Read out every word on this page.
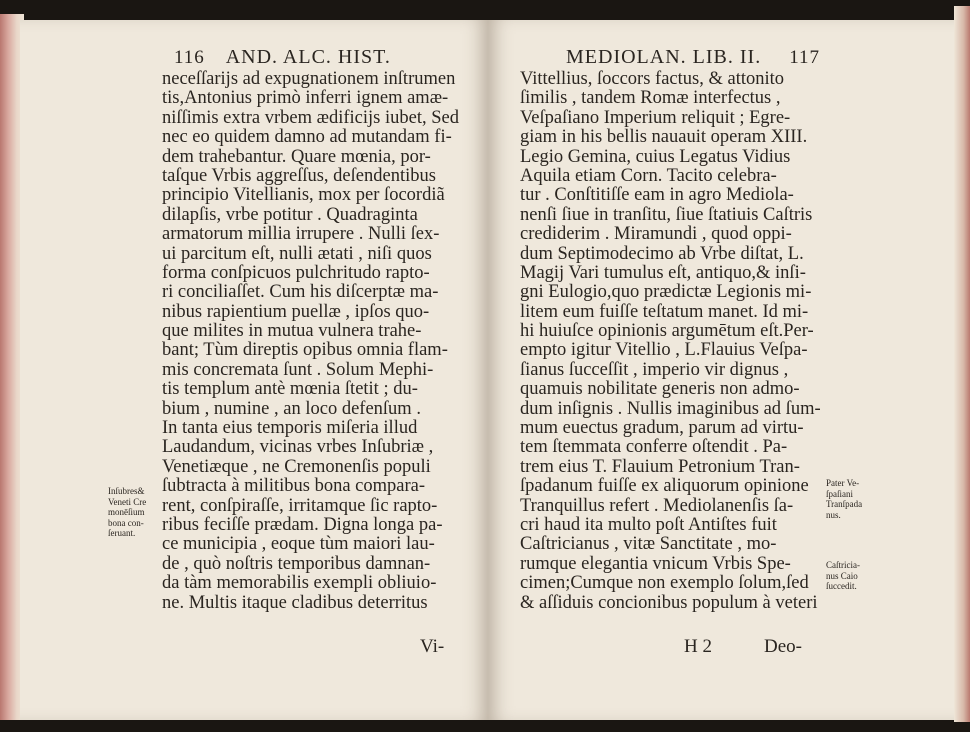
116 AND. ALC. HIST.
neceſſarijs ad expugnationem inſtrumen
tis,Antonius primò inferri ignem amæ-
niſſimis extra vrbem ædificijs iubet, Sed
nec eo quidem damno ad mutandam fi-
dem trahebantur. Quare mœnia, por-
taſque Vrbis aggreſſus, deſendentibus
principio Vitellianis, mox per ſocordiã
dilapſis, vrbe potitur . Quadraginta
armatorum millia irrupere . Nulli ſex-
ui parcitum eſt, nulli ætati , niſi quos
forma conſpicuos pulchritudo rapto-
ri conciliaſſet. Cum his diſcerptæ ma-
nibus rapientium puellæ , ipſos quo-
que milites in mutua vulnera trahe-
bant; Tùm direptis opibus omnia flam-
mis concremata ſunt . Solum Mephi-
tis templum antè mœnia ſtetit ; du-
bium , numine , an loco defenſum .
In tanta eius temporis miſeria illud
Laudandum, vicinas vrbes Inſubriæ ,
Venetiæque , ne Cremonenſis populi
ſubtracta à militibus bona compara-
rent, conſpiraſſe, irritamque ſic rapto-
ribus feciſſe prædam. Digna longa pa-
ce municipia , eoque tùm maiori lau-
de , quò noſtris temporibus damnan-
da tàm memorabilis exempli obliuio-
ne. Multis itaque cladibus deterritus
Inſubres&
Veneti Cre
monēſium
bona con-
ſeruant.
Vi-
MEDIOLAN. LIB. II. 117
Vittellius, ſoccors factus, & attonito
ſimilis , tandem Romæ interfectus ,
Veſpaſiano Imperium reliquit ; Egre-
giam in his bellis nauauit operam XIII.
Legio Gemina, cuius Legatus Vidius
Aquila etiam Corn. Tacito celebra-
tur . Conſtitiſſe eam in agro Mediola-
nenſi ſiue in tranſitu, ſiue ſtatiuis Caſtris
crediderim . Miramundi , quod oppi-
dum Septimodecimo ab Vrbe diſtat, L.
Magij Vari tumulus eſt, antiquo,& inſi-
gni Eulogio,quo prædictæ Legionis mi-
litem eum fuiſſe teſtatum manet. Id mi-
hi huiuſce opinionis argumētum eſt.Per-
empto igitur Vitellio , L.Flauius Veſpa-
ſianus ſucceſſit , imperio vir dignus ,
quamuis nobilitate generis non admo-
dum inſignis . Nullis imaginibus ad ſum-
mum euectus gradum, parum ad virtu-
tem ſtemmata conferre oſtendit . Pa-
trem eius T. Flauium Petronium Tran-
ſpadanum fuiſſe ex aliquorum opinione
Tranquillus refert . Mediolanenſis ſa-
cri haud ita multo poſt Antiſtes fuit
Caſtricianus , vitæ Sanctitate , mo-
rumque elegantia vnicum Vrbis Spe-
cimen;Cumque non exemplo ſolum,ſed
& aſſiduis concionibus populum à veteri
Pater Ve-
ſpaſiani
Tranſpada
nus.
Caſtricia-
nus Caio
ſuccedit.
H 2	Deo-
